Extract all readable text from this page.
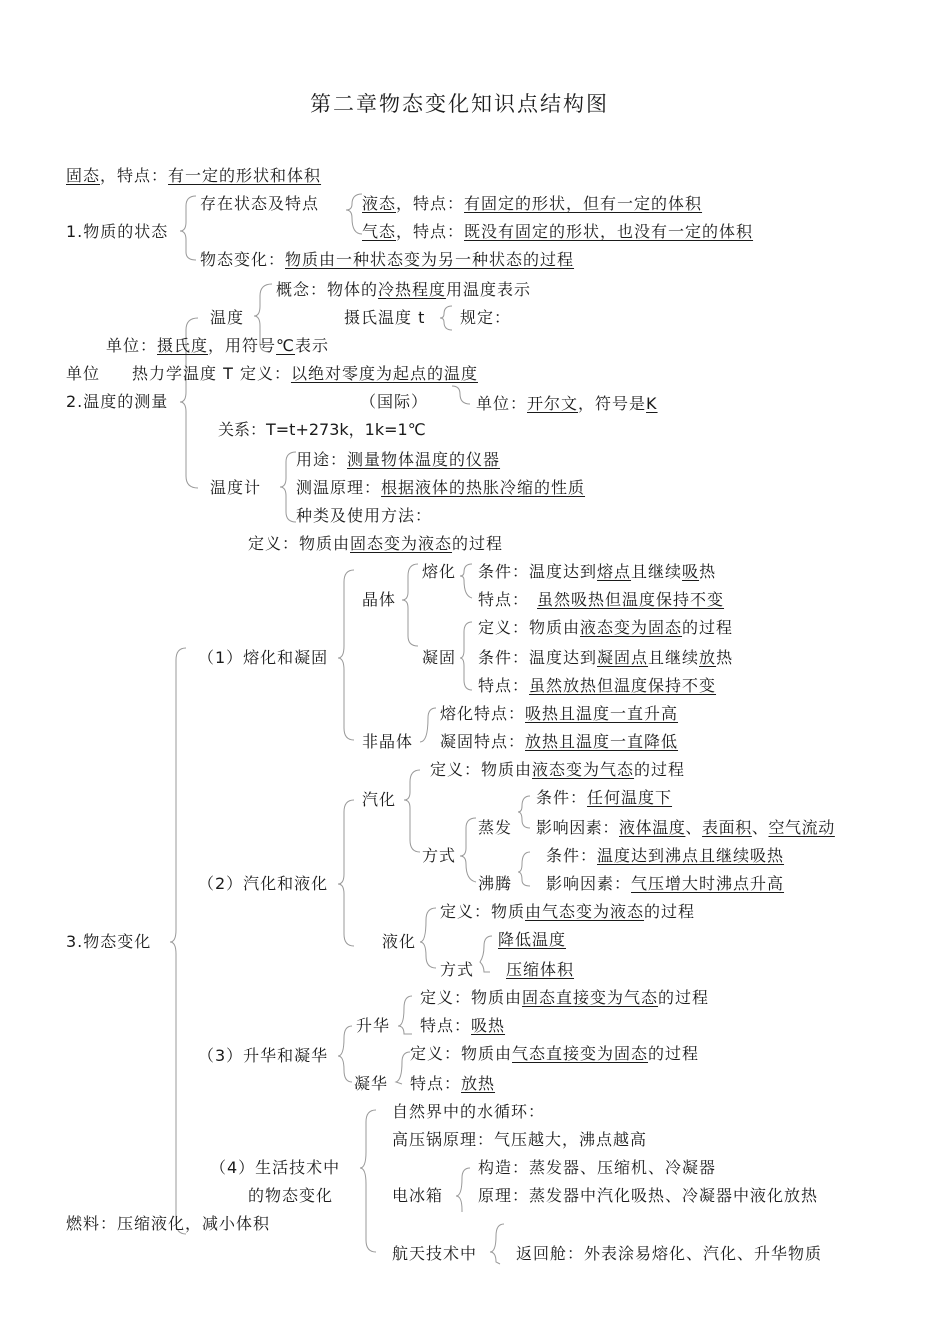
第二章物态变化知识点结构图
固态，特点：有一定的形状和体积
存在状态及特点	液态，特点：有固定的形状，但有一定的体积
1.物质的状态	气态，特点：既没有固定的形状，也没有一定的体积
物态变化：物质由一种状态变为另一种状态的过程
概念：物体的冷热程度用温度表示
温度	摄氏温度 t 规定：
单位：摄氏度，用符号℃表示
单位 热力学温度 T 定义：以绝对零度为起点的温度
2.温度的测量	（国际）	单位：开尔文，符号是K
关系：T=t+273k，1k=1℃
用途：测量物体温度的仪器
温度计 测温原理：根据液体的热胀冷缩的性质
种类及使用方法：
定义：物质由固态变为液态的过程
熔化 条件：温度达到熔点且继续吸热
晶体	特点： 虽然吸热但温度保持不变
定义：物质由液态变为固态的过程
（1）熔化和凝固	凝固 条件：温度达到凝固点且继续放热
特点：虽然放热但温度保持不变
熔化特点：吸热且温度一直升高
非晶体 凝固特点：放热且温度一直降低
定义：物质由液态变为气态的过程
条件：任何温度下
汽化
蒸发 影响因素：液体温度、表面积、空气流动
方式	条件：温度达到沸点且继续吸热
（2）汽化和液化	沸腾 影响因素：气压增大时沸点升高
定义：物质由气态变为液态的过程
降低温度
3.物态变化	液化
方式 压缩体积
定义：物质由固态直接变为气态的过程
升华 特点：吸热
（3）升华和凝华	定义：物质由气态直接变为固态的过程
凝华 特点：放热
自然界中的水循环：
高压锅原理：气压越大，沸点越高
（4）生活技术中	构造：蒸发器、压缩机、冷凝器
的物态变化	电冰箱 原理：蒸发器中汽化吸热、冷凝器中液化放热
燃料：压缩液化，减小体积
航天技术中 返回舱：外表涂易熔化、汽化、升华物质
